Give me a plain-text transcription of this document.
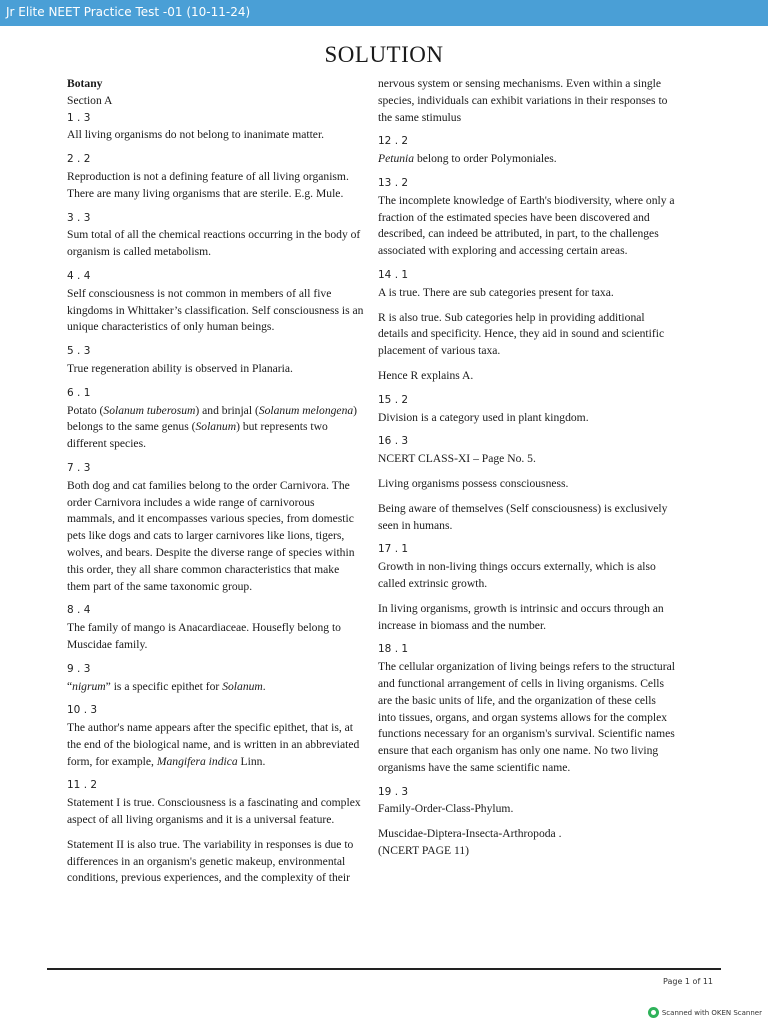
Jr Elite NEET Practice Test -01 (10-11-24)
SOLUTION

Botany

Section A

1 . 3

All living organisms do not belong to inanimate matter.

2 . 2

Reproduction is not a defining feature of all living organism. There are many living organisms that are sterile. E.g. Mule.

3 . 3

Sum total of all the chemical reactions occurring in the body of organism is called metabolism.

4 . 4

Self consciousness is not common in members of all five kingdoms in Whittaker’s classification. Self consciousness is an unique characteristics of only human beings.

5 . 3

True regeneration ability is observed in Planaria.

6 . 1

Potato (Solanum tuberosum) and brinjal (Solanum melongena) belongs to the same genus (Solanum) but represents two different species.

7 . 3

Both dog and cat families belong to the order Carnivora. The order Carnivora includes a wide range of carnivorous mammals, and it encompasses various species, from domestic pets like dogs and cats to larger carnivores like lions, tigers, wolves, and bears. Despite the diverse range of species within this order, they all share common characteristics that make them part of the same taxonomic group.

8 . 4

The family of mango is Anacardiaceae. Housefly belong to Muscidae family.

9 . 3

“nigrum” is a specific epithet for Solanum.

10 . 3

The author's name appears after the specific epithet, that is, at the end of the biological name, and is written in an abbreviated form, for example, Mangifera indica Linn.

11 . 2

Statement I is true. Consciousness is a fascinating and complex aspect of all living organisms and it is a universal feature.

Statement II is also true. The variability in responses is due to differences in an organism's genetic makeup, environmental conditions, previous experiences, and the complexity of their

nervous system or sensing mechanisms. Even within a single species, individuals can exhibit variations in their responses to the same stimulus

12 . 2

Petunia belong to order Polymoniales.

13 . 2

The incomplete knowledge of Earth's biodiversity, where only a fraction of the estimated species have been discovered and described, can indeed be attributed, in part, to the challenges associated with exploring and accessing certain areas.

14 . 1

A is true. There are sub categories present for taxa.

R is also true. Sub categories help in providing additional details and specificity. Hence, they aid in sound and scientific placement of various taxa.

Hence R explains A.

15 . 2

Division is a category used in plant kingdom.

16 . 3

NCERT CLASS-XI – Page No. 5.

Living organisms possess consciousness.

Being aware of themselves (Self consciousness) is exclusively seen in humans.

17 . 1

Growth in non-living things occurs externally, which is also called extrinsic growth.

In living organisms, growth is intrinsic and occurs through an increase in biomass and the number.

18 . 1

The cellular organization of living beings refers to the structural and functional arrangement of cells in living organisms. Cells are the basic units of life, and the organization of these cells into tissues, organs, and organ systems allows for the complex functions necessary for an organism's survival. Scientific names ensure that each organism has only one name. No two living organisms have the same scientific name.

19 . 3

Family-Order-Class-Phylum.

Muscidae-Diptera-Insecta-Arthropoda .

(NCERT PAGE 11)

Page 1 of 11
Scanned with OKEN Scanner
